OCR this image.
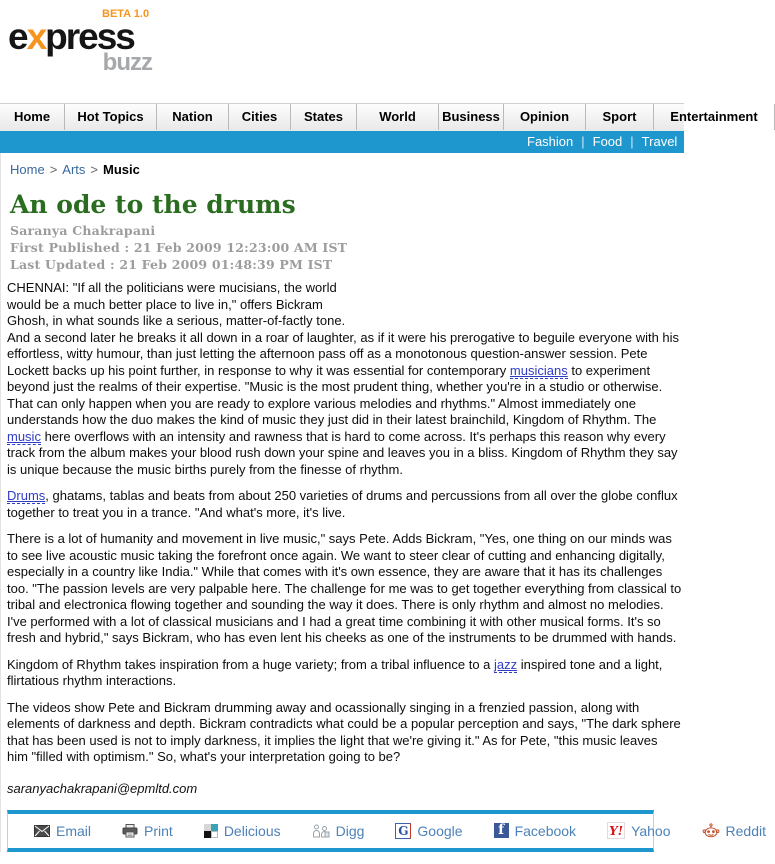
BETA 1.0
express
buzz
Home	Hot Topics	Nation	Cities	States	World	Business	Opinion	Sport	Entertainment
Fashion | Food | Travel
Home > Arts > Music
An ode to the drums
Saranya Chakrapani
First Published : 21 Feb 2009 12:23:00 AM IST
Last Updated : 21 Feb 2009 01:48:39 PM IST

CHENNAI: "If all the politicians were mucisians, the world would be a much better place to live in," offers Bickram Ghosh, in what sounds like a serious, matter-of-factly tone. And a second later he breaks it all down in a roar of laughter, as if it were his prerogative to beguile everyone with his effortless, witty humour, than just letting the afternoon pass off as a monotonous question-answer session. Pete Lockett backs up his point further, in response to why it was essential for contemporary musicians to experiment beyond just the realms of their expertise. "Music is the most prudent thing, whether you're in a studio or otherwise. That can only happen when you are ready to explore various melodies and rhythms." Almost immediately one understands how the duo makes the kind of music they just did in their latest brainchild, Kingdom of Rhythm. The music here overflows with an intensity and rawness that is hard to come across. It's perhaps this reason why every track from the album makes your blood rush down your spine and leaves you in a bliss. Kingdom of Rhythm they say is unique because the music births purely from the finesse of rhythm.

Drums, ghatams, tablas and beats from about 250 varieties of drums and percussions from all over the globe conflux together to treat you in a trance. "And what's more, it's live.

There is a lot of humanity and movement in live music," says Pete. Adds Bickram, "Yes, one thing on our minds was to see live acoustic music taking the forefront once again. We want to steer clear of cutting and enhancing digitally, especially in a country like India." While that comes with it's own essence, they are aware that it has its challenges too. "The passion levels are very palpable here. The challenge for me was to get together everything from classical to tribal and electronica flowing together and sounding the way it does. There is only rhythm and almost no melodies. I've performed with a lot of classical musicians and I had a great time combining it with other musical forms. It's so fresh and hybrid," says Bickram, who has even lent his cheeks as one of the instruments to be drummed with hands.

Kingdom of Rhythm takes inspiration from a huge variety; from a tribal influence to a jazz inspired tone and a light, flirtatious rhythm interactions.

The videos show Pete and Bickram drumming away and ocassionally singing in a frenzied passion, along with elements of darkness and depth. Bickram contradicts what could be a popular perception and says, "The dark sphere that has been used is not to imply darkness, it implies the light that we're giving it." As for Pete, "this music leaves him "filled with optimism." So, what's your interpretation going to be?

saranyachakrapani@epmltd.com
Email	Print	Delicious	Digg	G Google	f Facebook	Y! Yahoo	Reddit
